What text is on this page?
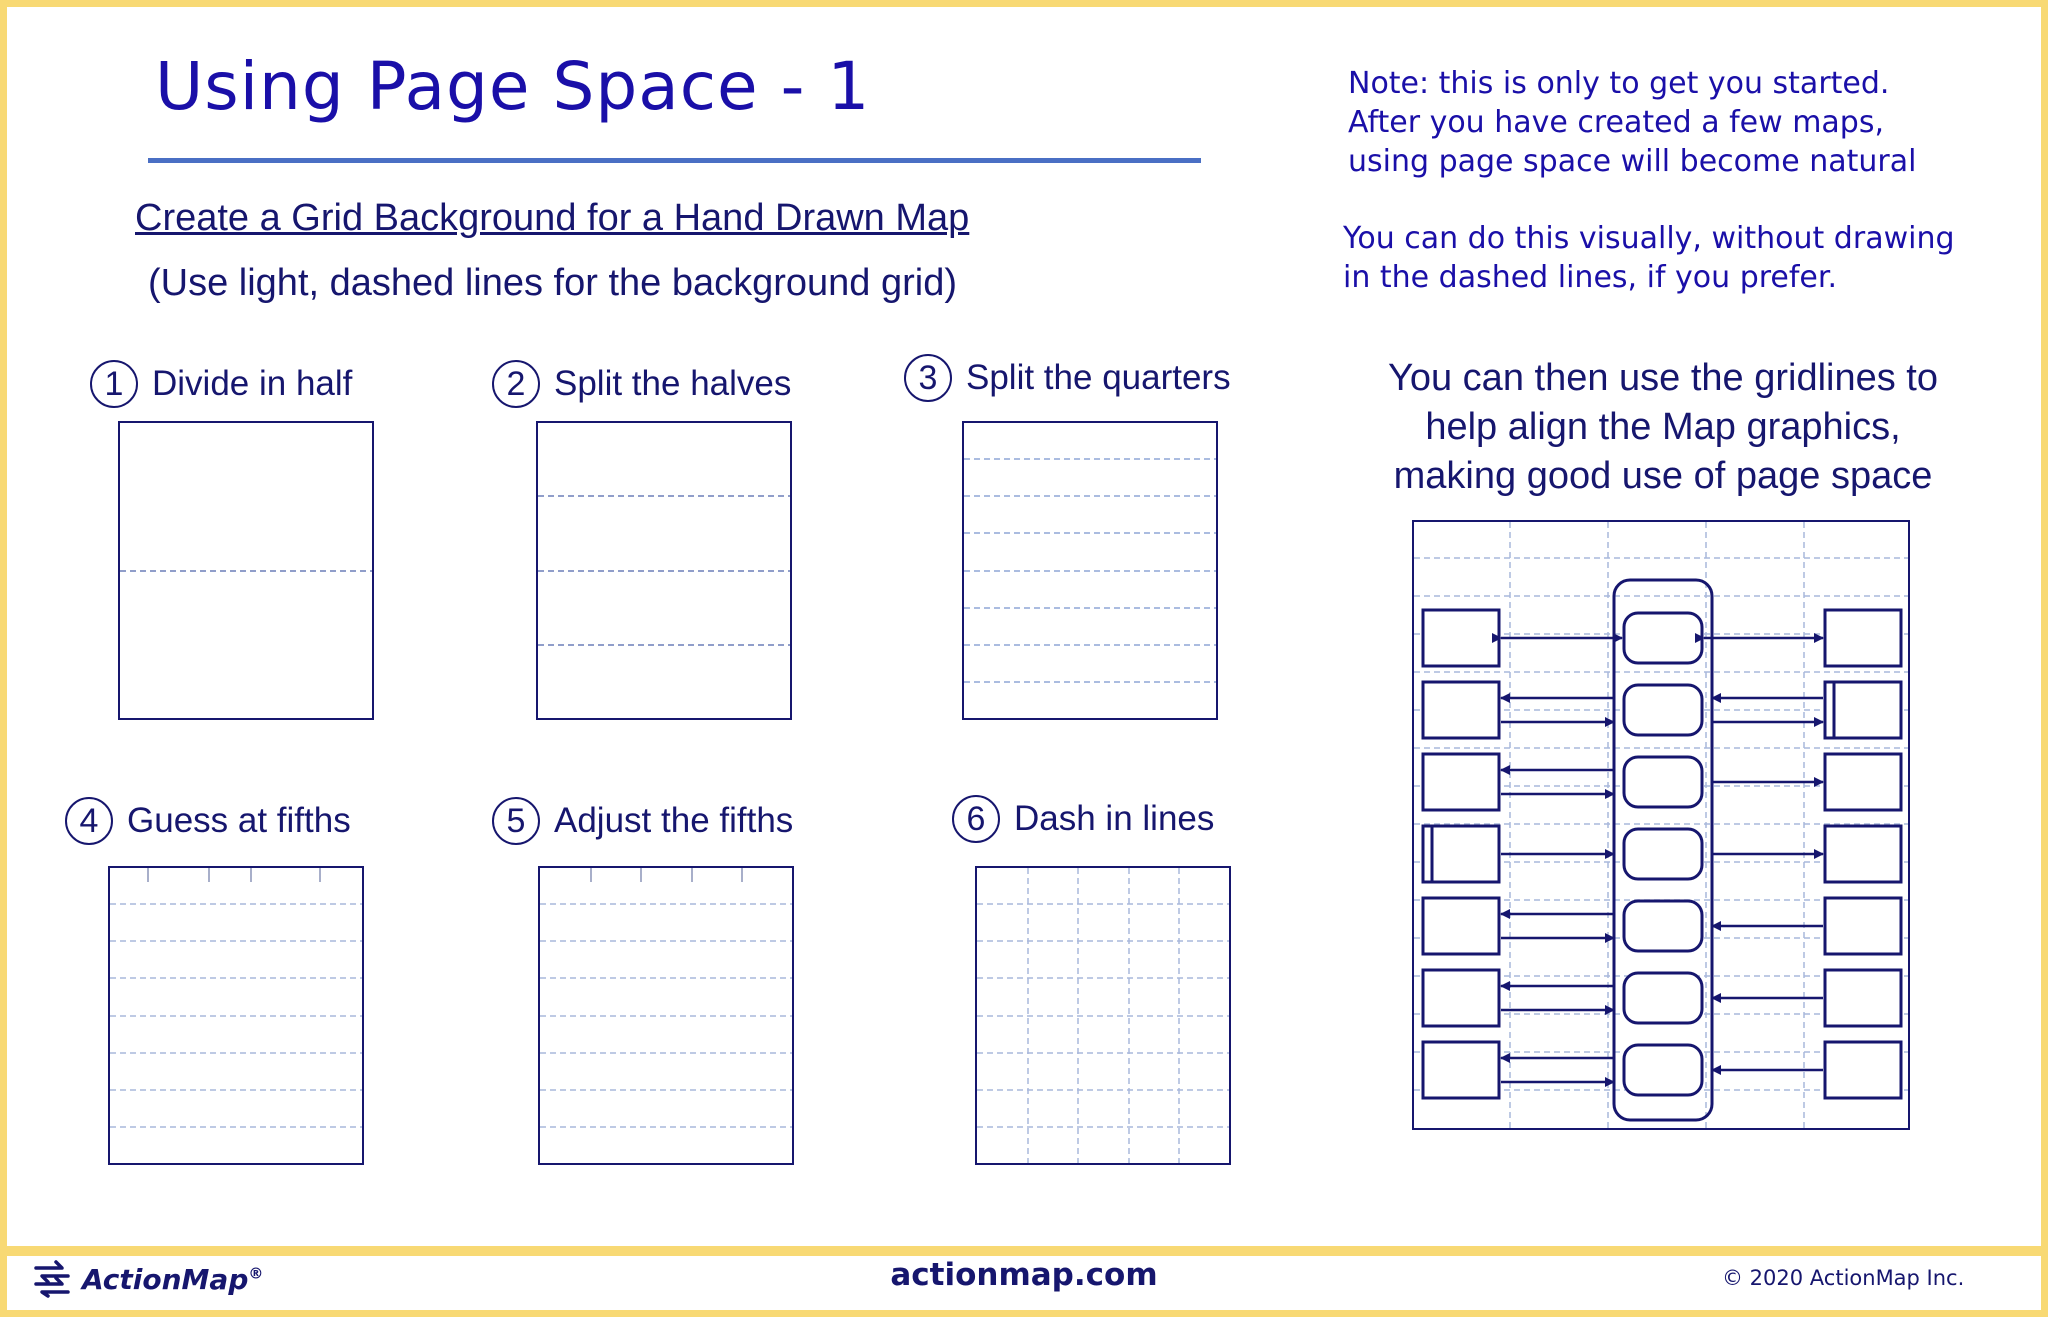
Using Page Space - 1
Create a Grid Background for a Hand Drawn Map
(Use light, dashed lines for the background grid)
Note: this is only to get you started.
After you have created a few maps,
using page space will become natural
You can do this visually, without drawing
in the dashed lines, if you prefer.
You can then use the gridlines to
help align the Map graphics,
making good use of page space
1 Divide in half	2 Split the halves	3 Split the quarters
4 Guess at fifths	5 Adjust the fifths	6 Dash in lines
ActionMap®	actionmap.com	© 2020 ActionMap Inc.
